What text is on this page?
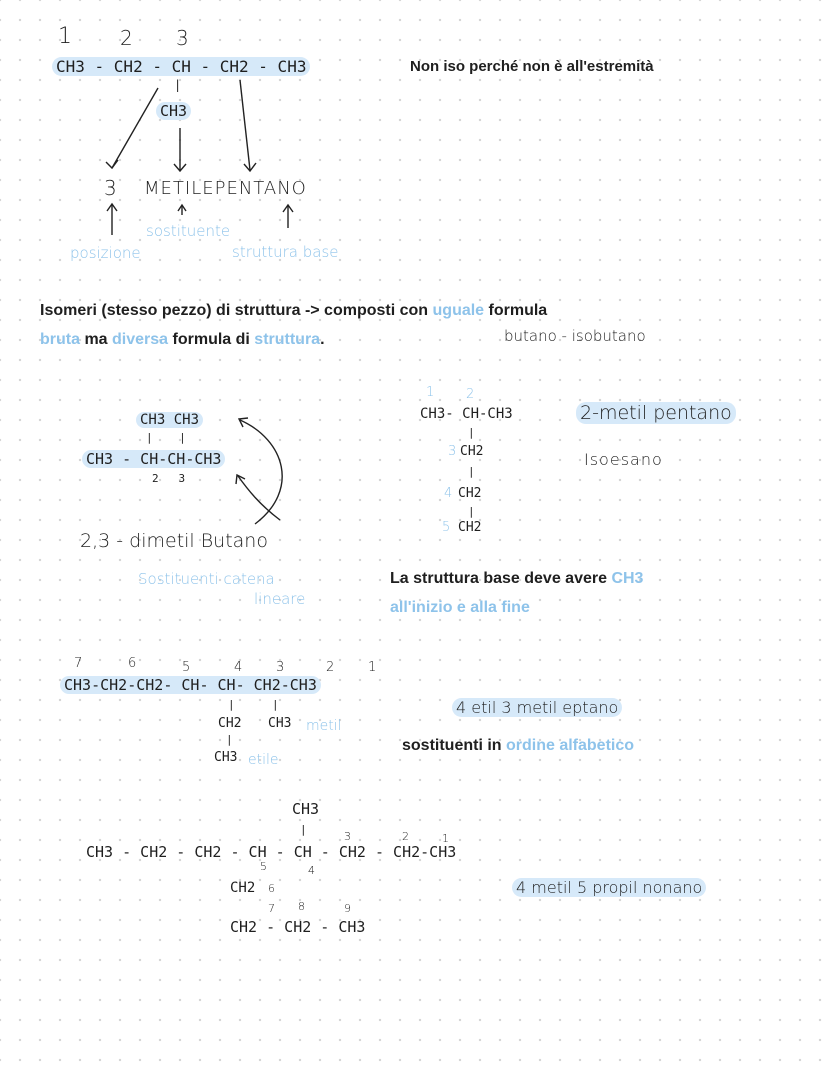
1 2 3
CH3 - CH2 - CH - CH2 - CH3
|
CH3
3 METILEPENTANO
posizione
sostituente
struttura base
Non iso perché non è all'estremità
Isomeri (stesso pezzo) di struttura -> composti con uguale formula
bruta ma diversa formula di struttura.	butano - isobutano
CH3 CH3
|    |
CH3 - CH-CH-CH3
2   3
2,3 - dimetil Butano
Sostituenti catena
lineare
1 2
CH3- CH-CH3
|
3 CH2
|
4 CH2
|
5 CH2
2-metil pentano
Isoesano
La struttura base deve avere CH3
all'inizio e alla fine
7	6	5	4	3	2	1
CH3-CH2-CH2- CH- CH- CH2-CH3
|	|
CH2 CH3 metil
|
CH3 etile
4 etil 3 metil eptano
sostituenti in ordine alfabetico
CH3
|
3	2	1
CH3 - CH2 - CH2 - CH - CH - CH2 - CH2-CH3
5	4
CH2 6
7 8	9
CH2 - CH2 - CH3
4 metil 5 propil nonano
